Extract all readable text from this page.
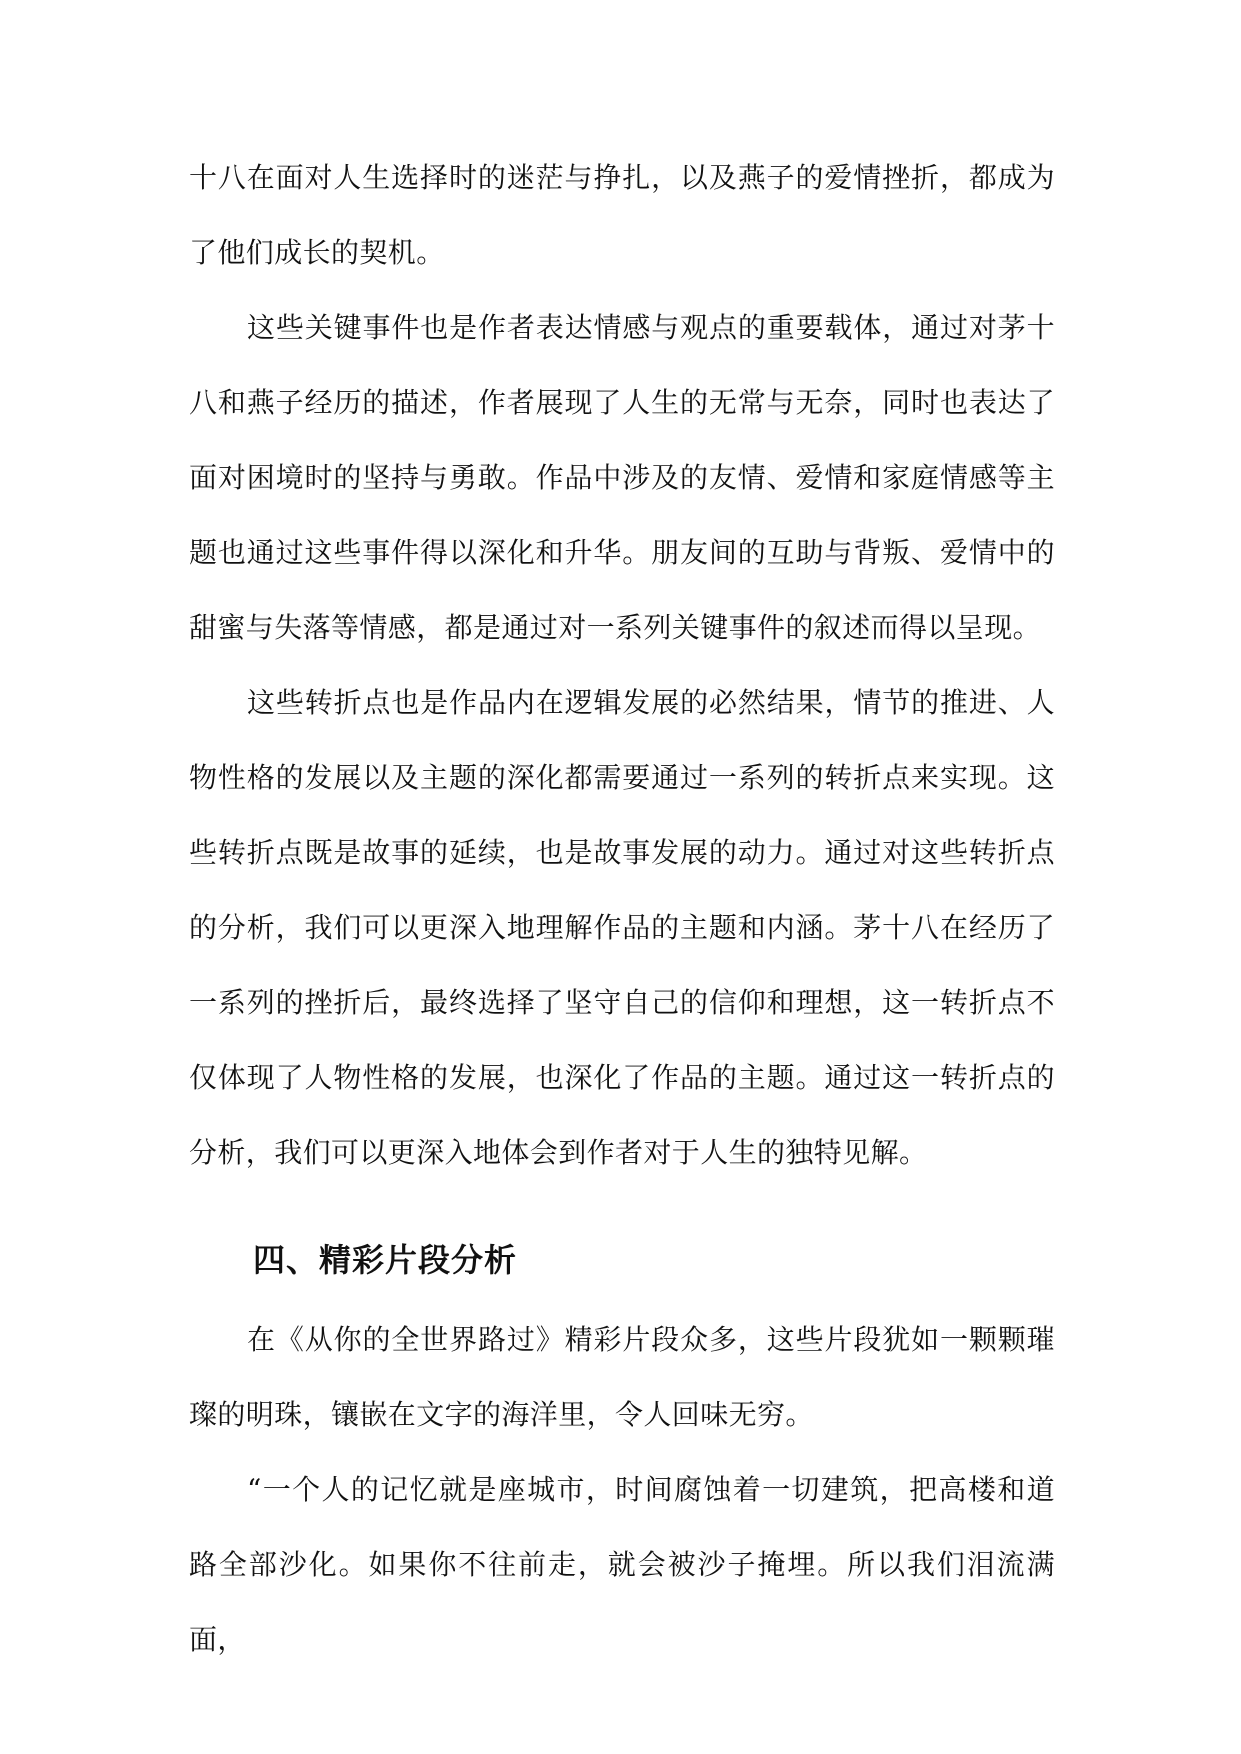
十八在面对人生选择时的迷茫与挣扎，以及燕子的爱情挫折，都成为了他们成长的契机。

这些关键事件也是作者表达情感与观点的重要载体，通过对茅十八和燕子经历的描述，作者展现了人生的无常与无奈，同时也表达了面对困境时的坚持与勇敢。作品中涉及的友情、爱情和家庭情感等主题也通过这些事件得以深化和升华。朋友间的互助与背叛、爱情中的甜蜜与失落等情感，都是通过对一系列关键事件的叙述而得以呈现。

这些转折点也是作品内在逻辑发展的必然结果，情节的推进、人物性格的发展以及主题的深化都需要通过一系列的转折点来实现。这些转折点既是故事的延续，也是故事发展的动力。通过对这些转折点的分析，我们可以更深入地理解作品的主题和内涵。茅十八在经历了一系列的挫折后，最终选择了坚守自己的信仰和理想，这一转折点不仅体现了人物性格的发展，也深化了作品的主题。通过这一转折点的分析，我们可以更深入地体会到作者对于人生的独特见解。

四、精彩片段分析

在《从你的全世界路过》精彩片段众多，这些片段犹如一颗颗璀璨的明珠，镶嵌在文字的海洋里，令人回味无穷。

“一个人的记忆就是座城市，时间腐蚀着一切建筑，把高楼和道路全部沙化。如果你不往前走，就会被沙子掩埋。所以我们泪流满面，
